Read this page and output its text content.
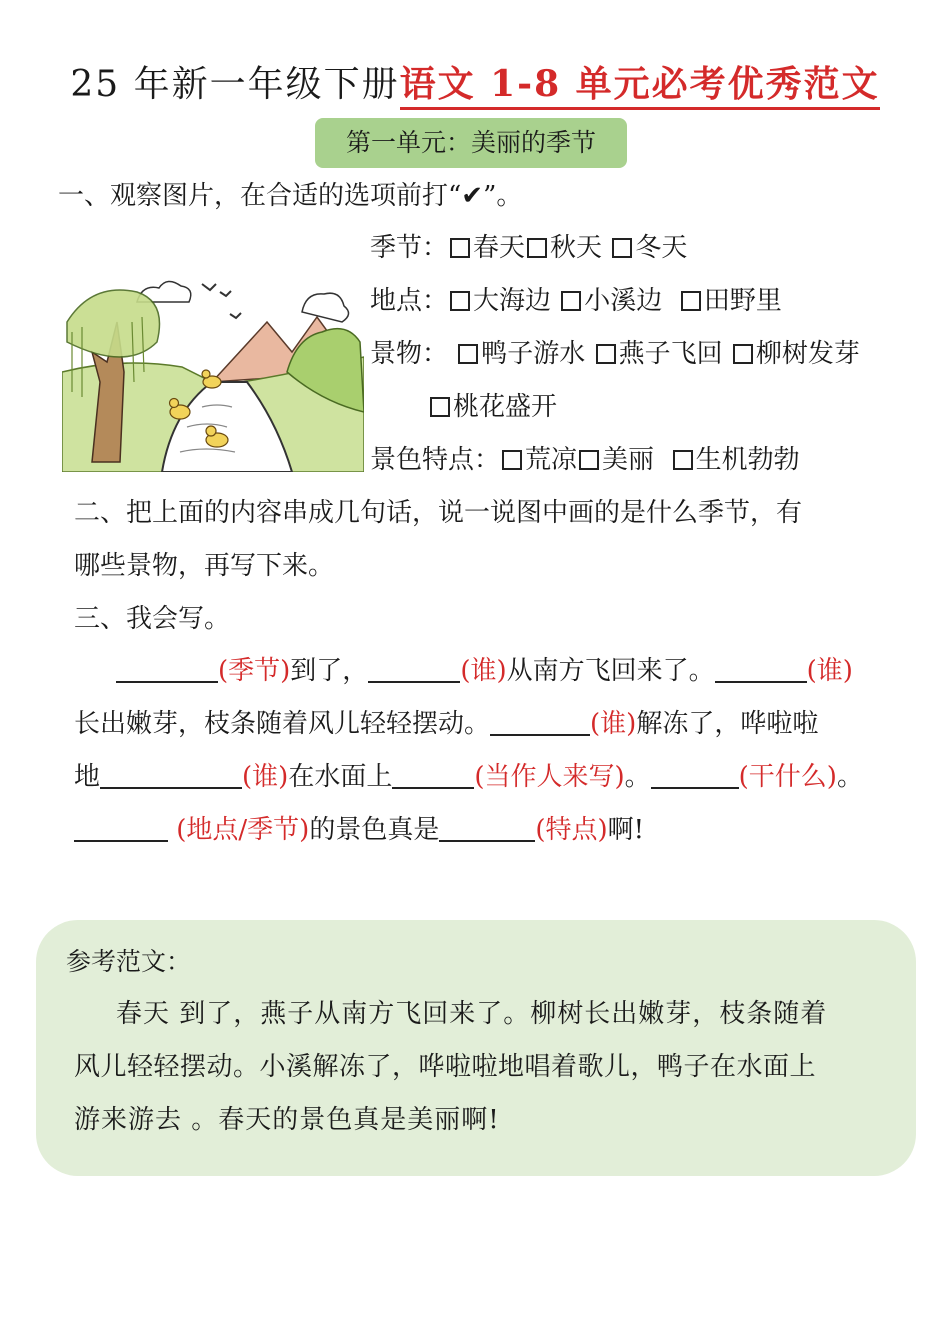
25 年新一年级下册语文 1-8 单元必考优秀范文
第一单元：美丽的季节
一、观察图片，在合适的选项前打“✔”。
季节： 春天 秋天 冬天
地点： 大海边 小溪边 田野里
景物： 鸭子游水 燕子飞回 柳树发芽
桃花盛开
景色特点： 荒凉 美丽 生机勃勃
二、把上面的内容串成几句话，说一说图中画的是什么季节，有
哪些景物，再写下来。
三、我会写。
(季节)到了，	(谁)从南方飞回来了。	(谁)
长出嫩芽，枝条随着风儿轻轻摆动。	(谁)解冻了，哗啦啦
地	(谁)在水面上	(当作人来写)。	(干什么)。
(地点/季节)的景色真是	(特点)啊!
参考范文：
春天 到了，燕子从南方飞回来了。柳树长出嫩芽，枝条随着
风儿轻轻摆动。小溪解冻了，哗啦啦地唱着歌儿，鸭子在水面上
游来游去 。春天的景色真是美丽啊!
